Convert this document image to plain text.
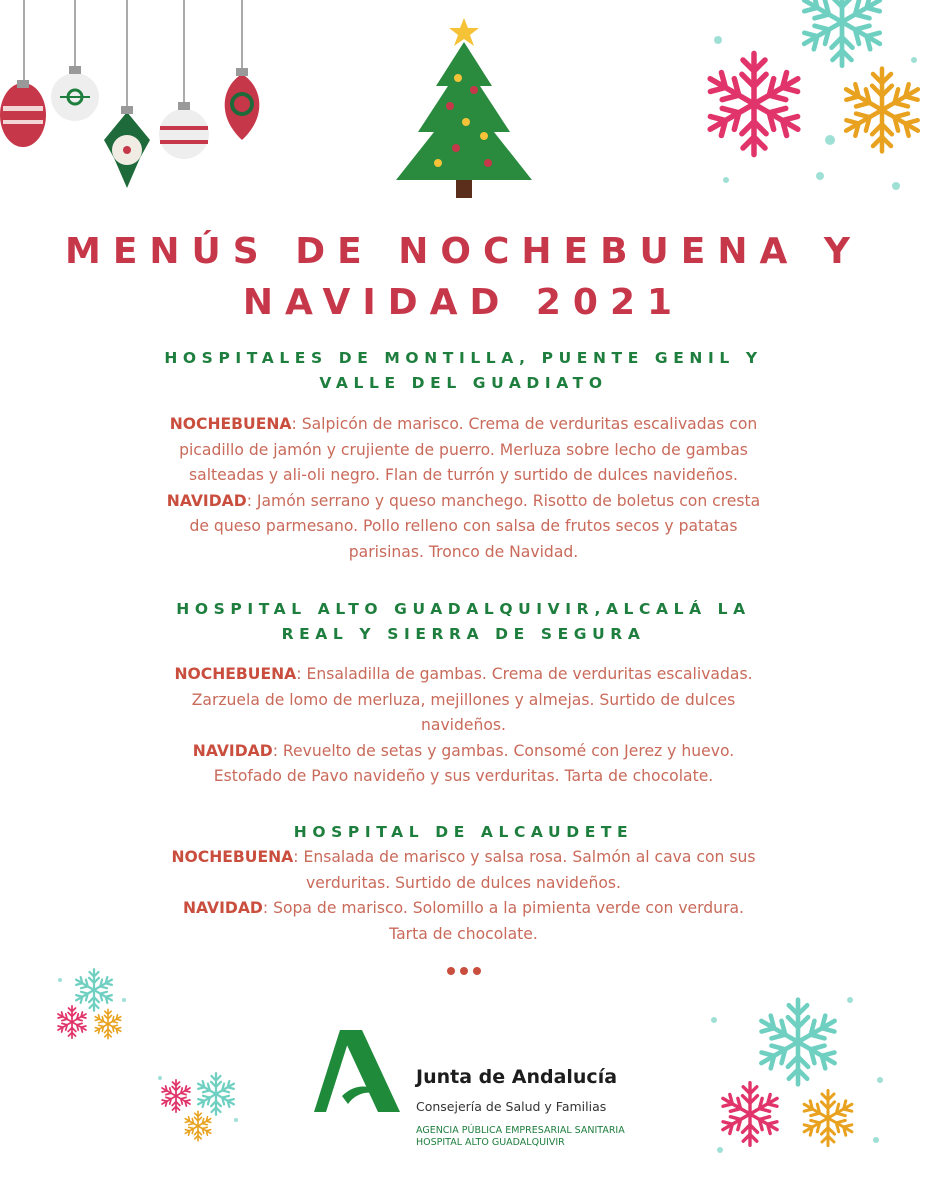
MENÚS DE NOCHEBUENA Y
NAVIDAD 2021
HOSPITALES DE MONTILLA, PUENTE GENIL Y
VALLE DEL GUADIATO
NOCHEBUENA: Salpicón de marisco. Crema de verduritas escalivadas con
picadillo de jamón y crujiente de puerro. Merluza sobre lecho de gambas
salteadas y ali-oli negro. Flan de turrón y surtido de dulces navideños.
NAVIDAD: Jamón serrano y queso manchego. Risotto de boletus con cresta
de queso parmesano. Pollo relleno con salsa de frutos secos y patatas
parisinas. Tronco de Navidad.
HOSPITAL ALTO GUADALQUIVIR,ALCALÁ LA
REAL Y SIERRA DE SEGURA
NOCHEBUENA: Ensaladilla de gambas. Crema de verduritas escalivadas.
Zarzuela de lomo de merluza, mejillones y almejas. Surtido de dulces
navideños.
NAVIDAD: Revuelto de setas y gambas. Consomé con Jerez y huevo.
Estofado de Pavo navideño y sus verduritas. Tarta de chocolate.
HOSPITAL DE ALCAUDETE
NOCHEBUENA: Ensalada de marisco y salsa rosa. Salmón al cava con sus
verduritas. Surtido de dulces navideños.
NAVIDAD: Sopa de marisco. Solomillo a la pimienta verde con verdura.
Tarta de chocolate.
Junta de Andalucía
Consejería de Salud y Familias
AGENCIA PÚBLICA EMPRESARIAL SANITARIA
HOSPITAL ALTO GUADALQUIVIR
